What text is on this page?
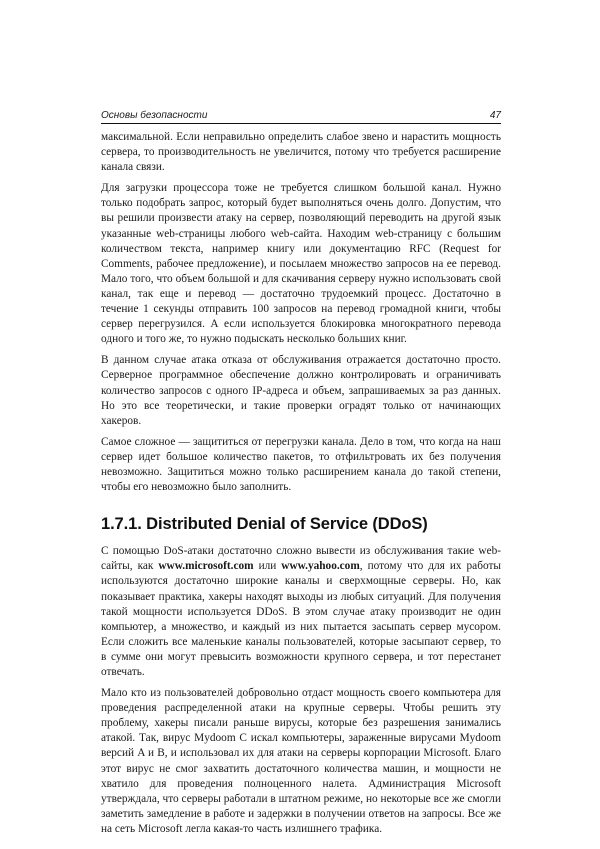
Основы безопасности	47

максимальной. Если неправильно определить слабое звено и нарастить мощность сервера, то производительность не увеличится, потому что требуется расширение канала связи.

Для загрузки процессора тоже не требуется слишком большой канал. Нужно только подобрать запрос, который будет выполняться очень долго. Допустим, что вы решили произвести атаку на сервер, позволяющий переводить на другой язык указанные web-страницы любого web-сайта. Находим web-страницу с большим количеством текста, например книгу или документацию RFC (Request for Comments, рабочее предложение), и посылаем множество запросов на ее перевод. Мало того, что объем большой и для скачивания серверу нужно использовать свой канал, так еще и перевод — достаточно трудоемкий процесс. Достаточно в течение 1 секунды отправить 100 запросов на перевод громадной книги, чтобы сервер перегрузился. А если используется блокировка многократного перевода одного и того же, то нужно подыскать несколько больших книг.

В данном случае атака отказа от обслуживания отражается достаточно просто. Серверное программное обеспечение должно контролировать и ограничивать количество запросов с одного IP-адреса и объем, запрашиваемых за раз данных. Но это все теоретически, и такие проверки оградят только от начинающих хакеров.

Самое сложное — защититься от перегрузки канала. Дело в том, что когда на наш сервер идет большое количество пакетов, то отфильтровать их без получения невозможно. Защититься можно только расширением канала до такой степени, чтобы его невозможно было заполнить.

1.7.1. Distributed Denial of Service (DDoS)

С помощью DoS-атаки достаточно сложно вывести из обслуживания такие web-сайты, как www.microsoft.com или www.yahoo.com, потому что для их работы используются достаточно широкие каналы и сверхмощные серверы. Но, как показывает практика, хакеры находят выходы из любых ситуаций. Для получения такой мощности используется DDoS. В этом случае атаку производит не один компьютер, а множество, и каждый из них пытается засыпать сервер мусором. Если сложить все маленькие каналы пользователей, которые засыпают сервер, то в сумме они могут превысить возможности крупного сервера, и тот перестанет отвечать.

Мало кто из пользователей добровольно отдаст мощность своего компьютера для проведения распределенной атаки на крупные серверы. Чтобы решить эту проблему, хакеры писали раньше вирусы, которые без разрешения занимались атакой. Так, вирус Mydoom C искал компьютеры, зараженные вирусами Mydoom версий A и B, и использовал их для атаки на серверы корпорации Microsoft. Благо этот вирус не смог захватить достаточного количества машин, и мощности не хватило для проведения полноценного налета. Администрация Microsoft утверждала, что серверы работали в штатном режиме, но некоторые все же смогли заметить замедление в работе и задержки в получении ответов на запросы. Все же на сеть Microsoft легла какая-то часть излишнего трафика.
